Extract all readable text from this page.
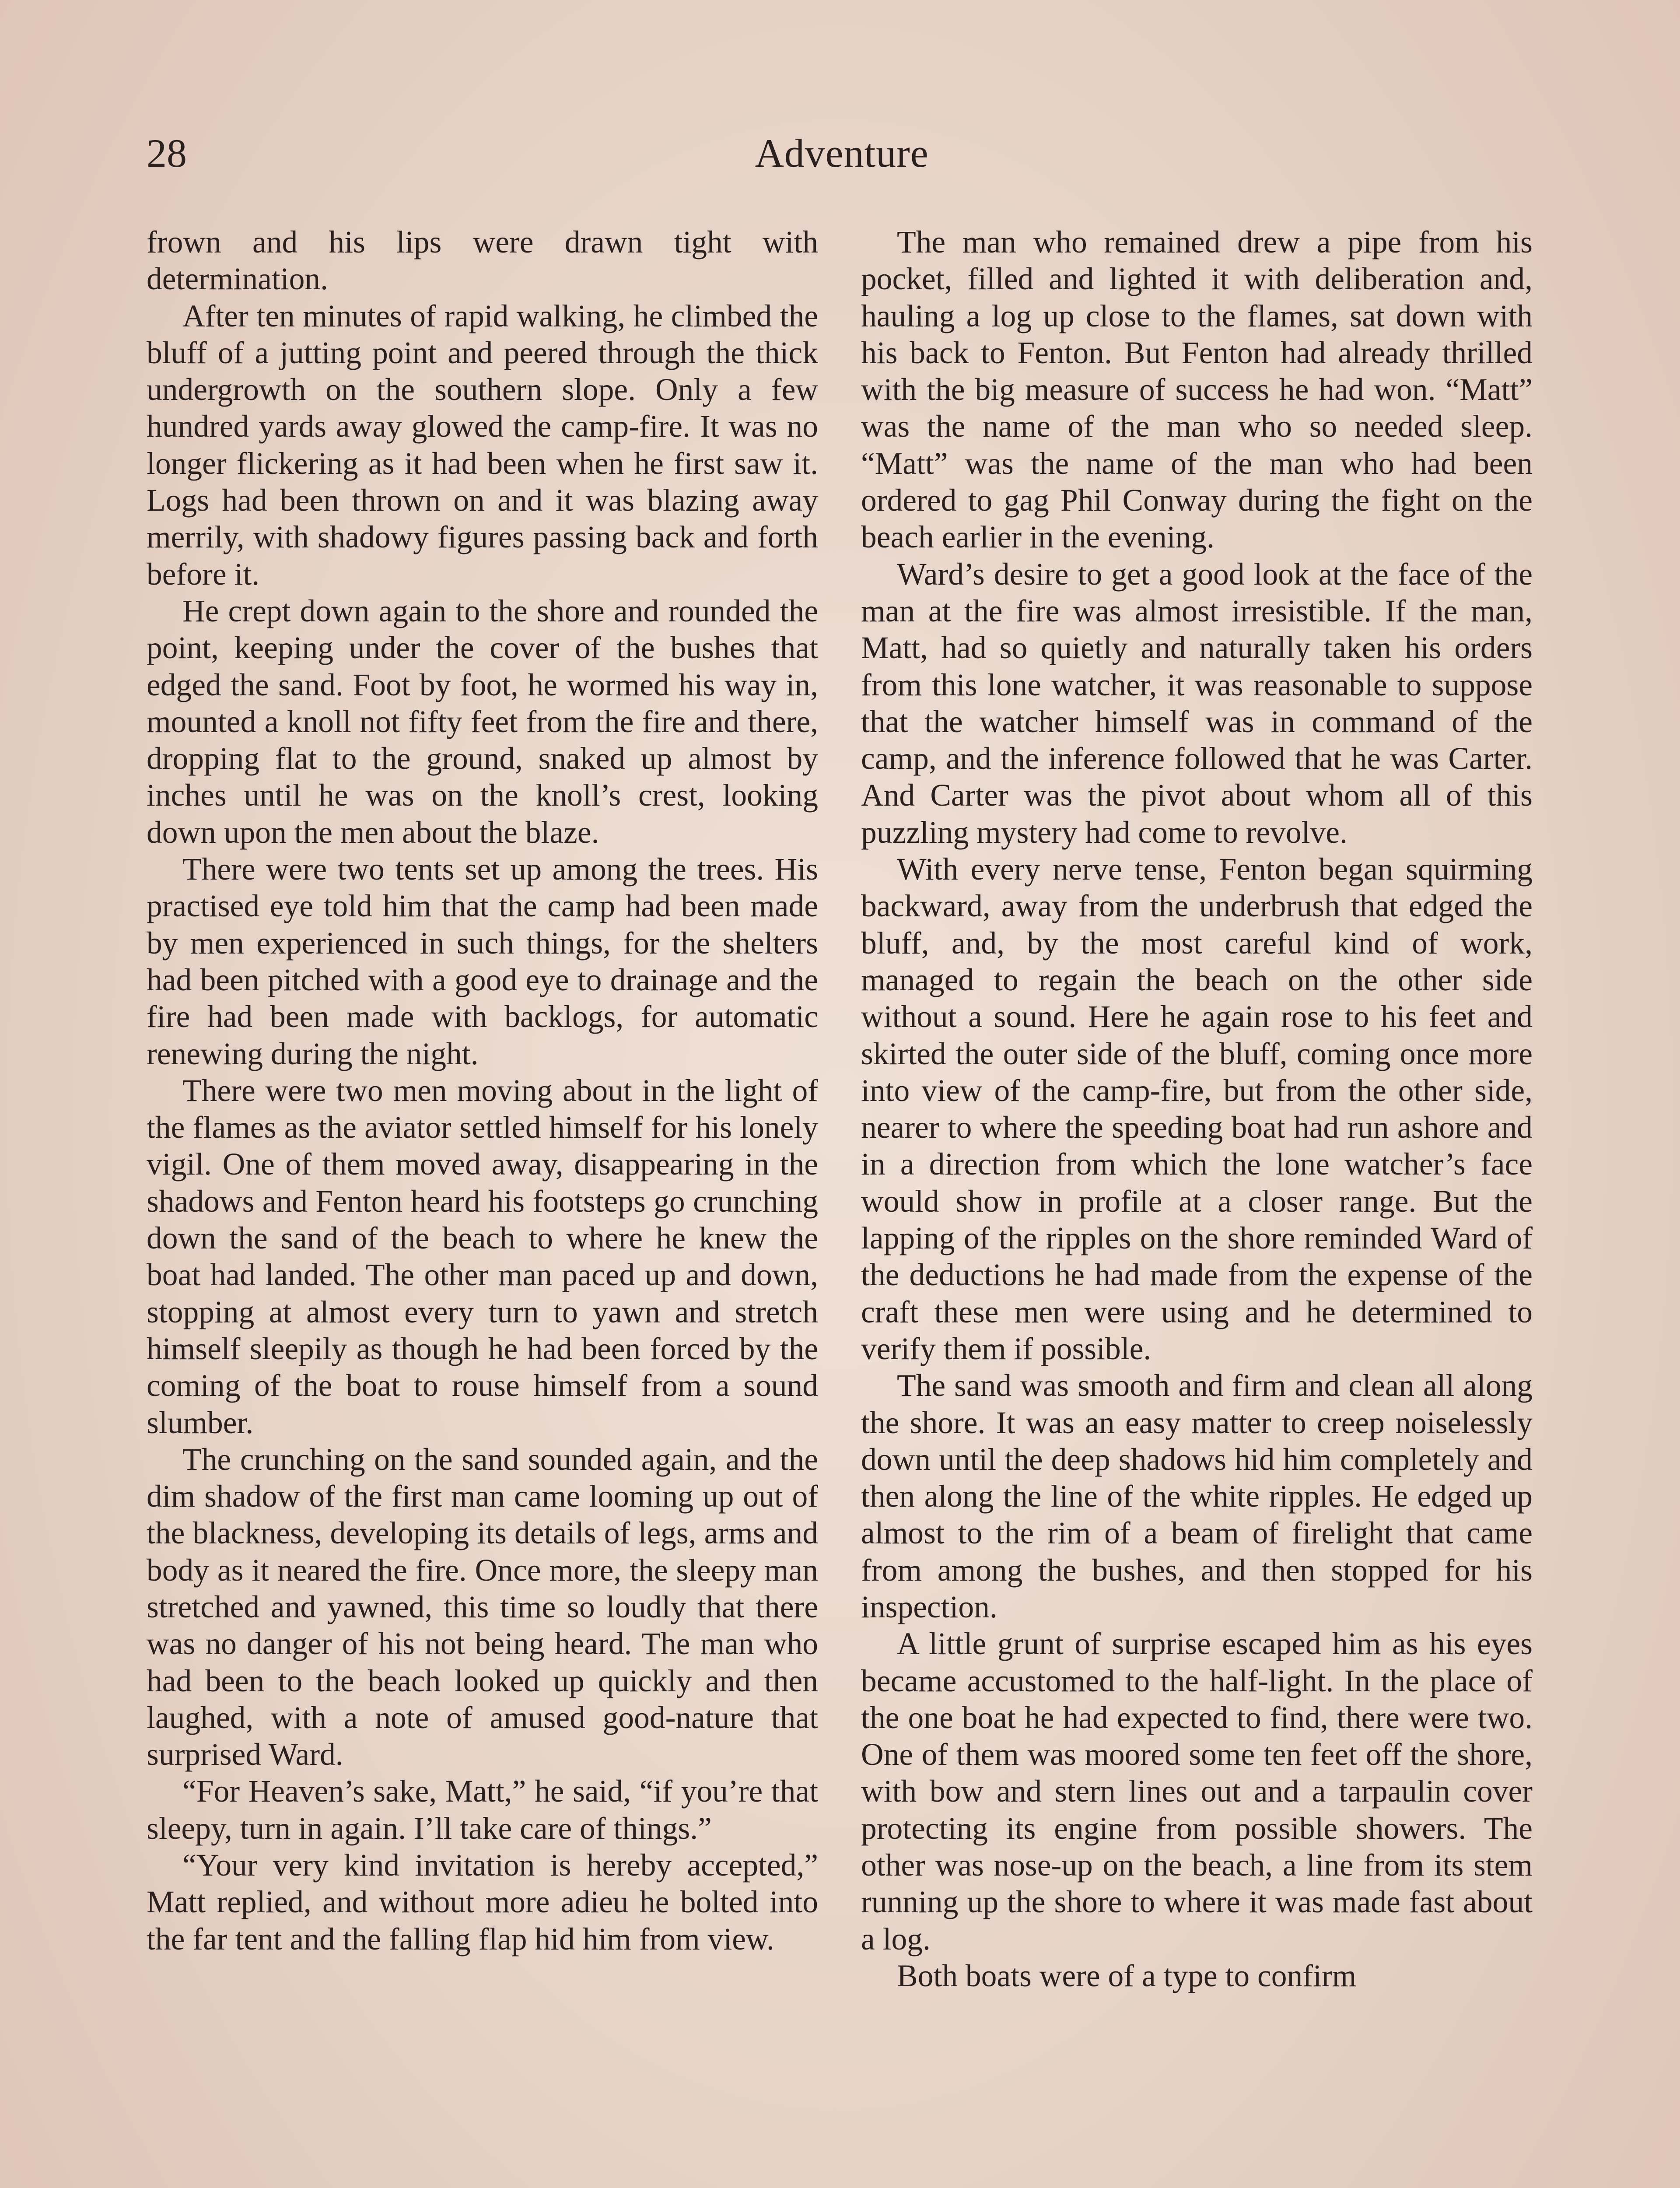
28	Adventure

frown and his lips were drawn tight with determination.

After ten minutes of rapid walking, he climbed the bluff of a jutting point and peered through the thick undergrowth on the southern slope. Only a few hundred yards away glowed the camp-fire. It was no longer flickering as it had been when he first saw it. Logs had been thrown on and it was blazing away merrily, with shadowy figures passing back and forth before it.

He crept down again to the shore and rounded the point, keeping under the cover of the bushes that edged the sand. Foot by foot, he wormed his way in, mounted a knoll not fifty feet from the fire and there, dropping flat to the ground, snaked up almost by inches until he was on the knoll’s crest, looking down upon the men about the blaze.

There were two tents set up among the trees. His practised eye told him that the camp had been made by men experienced in such things, for the shelters had been pitched with a good eye to drainage and the fire had been made with backlogs, for automatic renewing during the night.

There were two men moving about in the light of the flames as the aviator settled himself for his lonely vigil. One of them moved away, disappearing in the shadows and Fenton heard his footsteps go crunching down the sand of the beach to where he knew the boat had landed. The other man paced up and down, stopping at almost every turn to yawn and stretch himself sleepily as though he had been forced by the coming of the boat to rouse himself from a sound slumber.

The crunching on the sand sounded again, and the dim shadow of the first man came looming up out of the blackness, developing its details of legs, arms and body as it neared the fire. Once more, the sleepy man stretched and yawned, this time so loudly that there was no danger of his not being heard. The man who had been to the beach looked up quickly and then laughed, with a note of amused good-nature that surprised Ward.

“For Heaven’s sake, Matt,” he said, “if you’re that sleepy, turn in again. I’ll take care of things.”

“Your very kind invitation is hereby accepted,” Matt replied, and without more adieu he bolted into the far tent and the falling flap hid him from view.

The man who remained drew a pipe from his pocket, filled and lighted it with deliberation and, hauling a log up close to the flames, sat down with his back to Fenton. But Fenton had already thrilled with the big measure of success he had won. “Matt” was the name of the man who so needed sleep. “Matt” was the name of the man who had been ordered to gag Phil Conway during the fight on the beach earlier in the evening.

Ward’s desire to get a good look at the face of the man at the fire was almost irresistible. If the man, Matt, had so quietly and naturally taken his orders from this lone watcher, it was reasonable to suppose that the watcher himself was in command of the camp, and the inference followed that he was Carter. And Carter was the pivot about whom all of this puzzling mystery had come to revolve.

With every nerve tense, Fenton began squirming backward, away from the underbrush that edged the bluff, and, by the most careful kind of work, managed to regain the beach on the other side without a sound. Here he again rose to his feet and skirted the outer side of the bluff, coming once more into view of the camp-fire, but from the other side, nearer to where the speeding boat had run ashore and in a direction from which the lone watcher’s face would show in profile at a closer range. But the lapping of the ripples on the shore reminded Ward of the deductions he had made from the expense of the craft these men were using and he determined to verify them if possible.

The sand was smooth and firm and clean all along the shore. It was an easy matter to creep noiselessly down until the deep shadows hid him completely and then along the line of the white ripples. He edged up almost to the rim of a beam of firelight that came from among the bushes, and then stopped for his inspection.

A little grunt of surprise escaped him as his eyes became accustomed to the half-light. In the place of the one boat he had expected to find, there were two. One of them was moored some ten feet off the shore, with bow and stern lines out and a tarpaulin cover protecting its engine from possible showers. The other was nose-up on the beach, a line from its stem running up the shore to where it was made fast about a log.

Both boats were of a type to confirm
